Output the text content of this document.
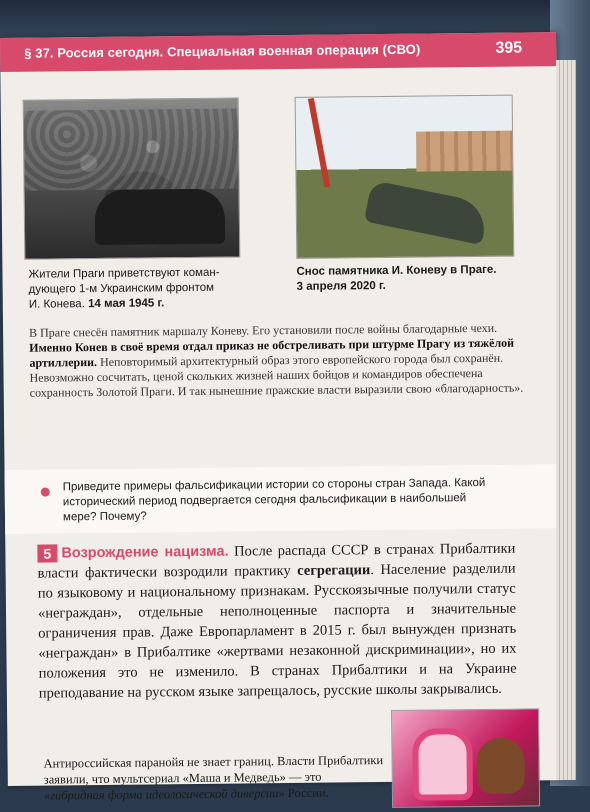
§ 37. Россия сегодня. Специальная военная операция (СВО)	395
Жители Праги приветствуют коман-
дующего 1-м Украинским фронтом
И. Конева. 14 мая 1945 г.
Снос памятника И. Коневу в Праге.
3 апреля 2020 г.
В Праге снесён памятник маршалу Коневу. Его установили после войны благодарные чехи. Именно Конев в своё время отдал приказ не обстреливать при штурме Прагу из тяжёлой артиллерии. Неповторимый архитектурный образ этого европейского города был сохранён. Невозможно сосчитать, ценой скольких жизней наших бойцов и командиров обеспечена сохранность Золотой Праги. И так нынешние пражские власти выразили свою «благодарность».
Приведите примеры фальсификации истории со стороны стран Запада. Какой исторический период подвергается сегодня фальсификации в наибольшей мере? Почему?
Возрождение нацизма. После распада СССР в странах Прибалтики власти фактически возродили практику сегрегации. Население разделили по языковому и национальному признакам. Русскоязычные получили статус «неграждан», отдельные неполноценные паспорта и значительные ограничения прав. Даже Европарламент в 2015 г. был вынужден признать «неграждан» в Прибалтике «жертвами незаконной дискриминации», но их положения это не изменило. В странах Прибалтики и на Украине преподавание на русском языке запрещалось, русские школы закрывались.
5
Антироссийская паранойя не знает границ. Власти Прибалтики заявили, что мультсериал «Маша и Медведь» — это «гибридная форма идеологической диверсии» России.
